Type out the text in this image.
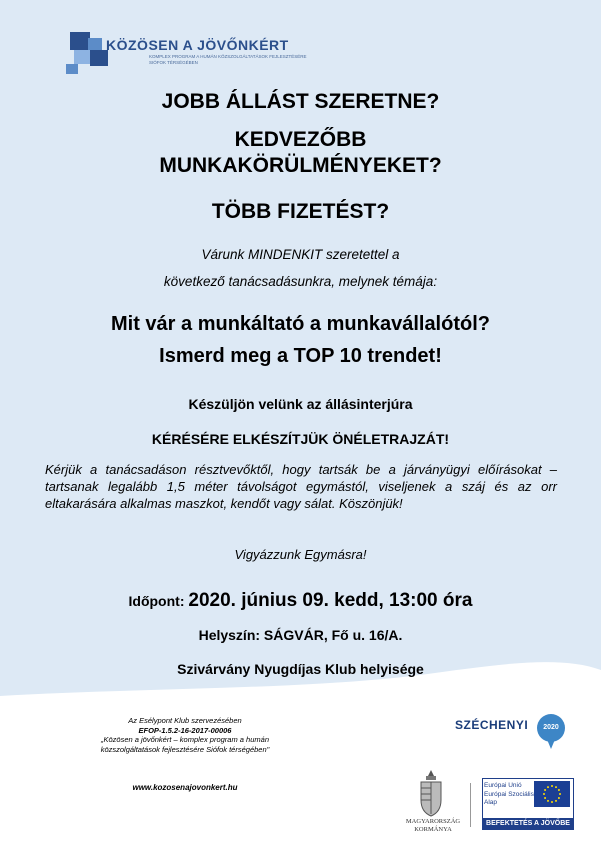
KÖZÖSEN A JÖVŐNKÉRT
KOMPLEX PROGRAM A HUMÁN KÖZSZOLGÁLTATÁSOK FEJLESZTÉSÉRE SIÓFOK TÉRSÉGÉBEN
JOBB ÁLLÁST SZERETNE?
KEDVEZŐBB
MUNKAKÖRÜLMÉNYEKET?
TÖBB FIZETÉST?
Várunk MINDENKIT szeretettel a
következő tanácsadásunkra, melynek témája:
Mit vár a munkáltató a munkavállalótól?
Ismerd meg a TOP 10 trendet!
Készüljön velünk az állásinterjúra
KÉRÉSÉRE ELKÉSZÍTJÜK ÖNÉLETRAJZÁT!
Kérjük a tanácsadáson résztvevőktől, hogy tartsák be a járványügyi előírásokat – tartsanak legalább 1,5 méter távolságot egymástól, viseljenek a száj és az orr eltakarására alkalmas maszkot, kendőt vagy sálat. Köszönjük!
Vigyázzunk Egymásra!
Időpont: 2020. június 09. kedd, 13:00 óra
Helyszín: SÁGVÁR, Fő u. 16/A.
Szivárvány Nyugdíjas Klub helyisége
Az Esélypont Klub szervezésében
EFOP-1.5.2-16-2017-00006
„Közösen a jövőnkért – komplex program a humán
közszolgáltatások fejlesztésére Siófok térségében"
www.kozosenajovonkert.hu
SZÉCHENYI	2020
MAGYARORSZÁG
KORMÁNYA
Európai Unió
Európai Szociális
Alap
BEFEKTETÉS A JÖVŐBE
